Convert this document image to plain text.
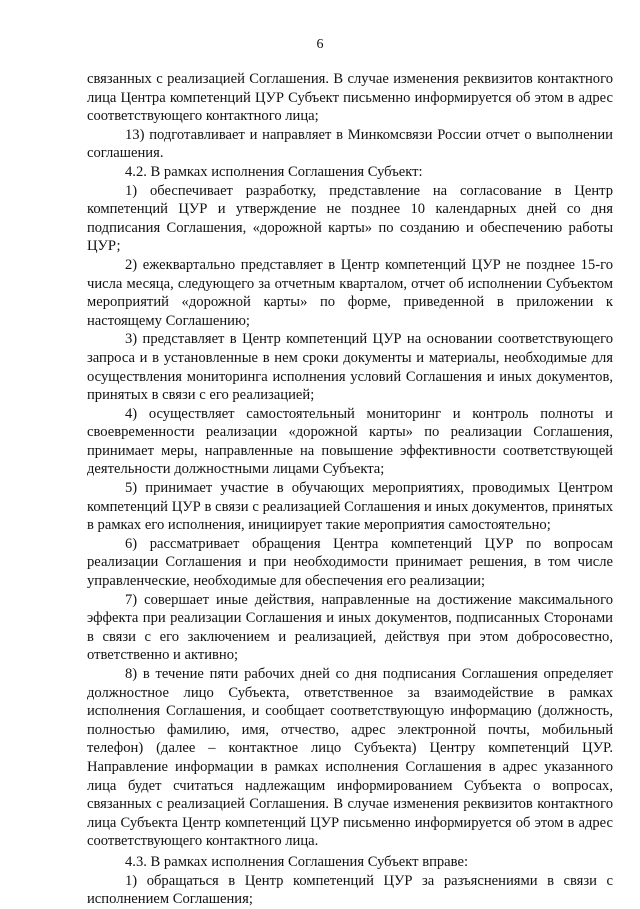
6

связанных с реализацией Соглашения. В случае изменения реквизитов контактного лица Центра компетенций ЦУР Субъект письменно информируется об этом в адрес соответствующего контактного лица;

13) подготавливает и направляет в Минкомсвязи России отчет о выполнении соглашения.

4.2. В рамках исполнения Соглашения Субъект:

1) обеспечивает разработку, представление на согласование в Центр компетенций ЦУР и утверждение не позднее 10 календарных дней со дня подписания Соглашения, «дорожной карты» по созданию и обеспечению работы ЦУР;

2) ежеквартально представляет в Центр компетенций ЦУР не позднее 15-го числа месяца, следующего за отчетным кварталом, отчет об исполнении Субъектом мероприятий «дорожной карты» по форме, приведенной в приложении к настоящему Соглашению;

3) представляет в Центр компетенций ЦУР на основании соответствующего запроса и в установленные в нем сроки документы и материалы, необходимые для осуществления мониторинга исполнения условий Соглашения и иных документов, принятых в связи с его реализацией;

4) осуществляет самостоятельный мониторинг и контроль полноты и своевременности реализации «дорожной карты» по реализации Соглашения, принимает меры, направленные на повышение эффективности соответствующей деятельности должностными лицами Субъекта;

5) принимает участие в обучающих мероприятиях, проводимых Центром компетенций ЦУР в связи с реализацией Соглашения и иных документов, принятых в рамках его исполнения, инициирует такие мероприятия самостоятельно;

6) рассматривает обращения Центра компетенций ЦУР по вопросам реализации Соглашения и при необходимости принимает решения, в том числе управленческие, необходимые для обеспечения его реализации;

7) совершает иные действия, направленные на достижение максимального эффекта при реализации Соглашения и иных документов, подписанных Сторонами в связи с его заключением и реализацией, действуя при этом добросовестно, ответственно и активно;

8) в течение пяти рабочих дней со дня подписания Соглашения определяет должностное лицо Субъекта, ответственное за взаимодействие в рамках исполнения Соглашения, и сообщает соответствующую информацию (должность, полностью фамилию, имя, отчество, адрес электронной почты, мобильный телефон) (далее – контактное лицо Субъекта) Центру компетенций ЦУР. Направление информации в рамках исполнения Соглашения в адрес указанного лица будет считаться надлежащим информированием Субъекта о вопросах, связанных с реализацией Соглашения. В случае изменения реквизитов контактного лица Субъекта Центр компетенций ЦУР письменно информируется об этом в адрес соответствующего контактного лица.

4.3. В рамках исполнения Соглашения Субъект вправе:

1) обращаться в Центр компетенций ЦУР за разъяснениями в связи с исполнением Соглашения;
